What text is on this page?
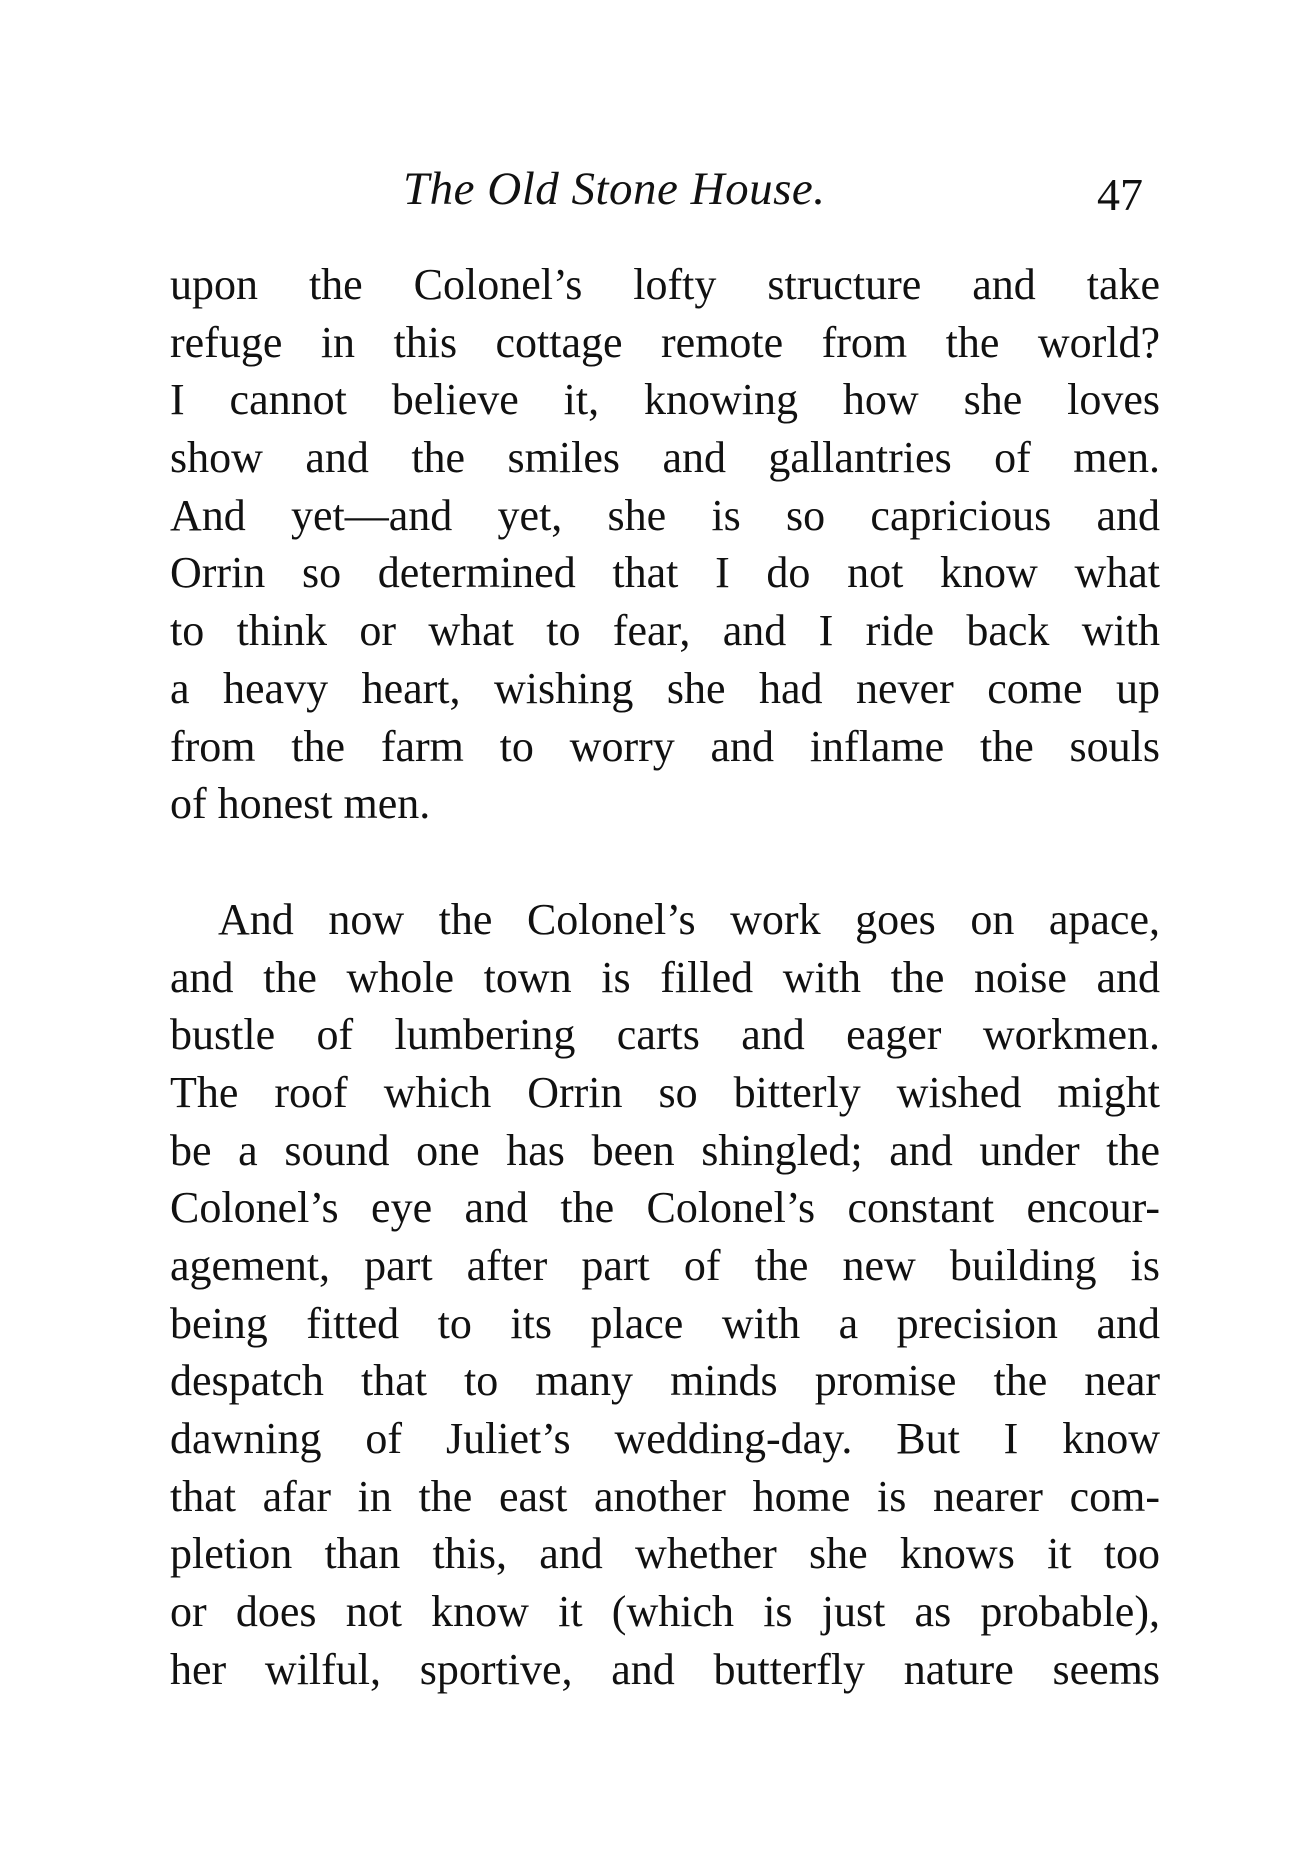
The Old Stone House.	47
upon the Colonel’s lofty structure and take
refuge in this cottage remote from the world?
I cannot believe it, knowing how she loves
show and the smiles and gallantries of men.
And yet—and yet, she is so capricious and
Orrin so determined that I do not know what
to think or what to fear, and I ride back with
a heavy heart, wishing she had never come up
from the farm to worry and inflame the souls
of honest men.
And now the Colonel’s work goes on apace,
and the whole town is filled with the noise and
bustle of lumbering carts and eager workmen.
The roof which Orrin so bitterly wished might
be a sound one has been shingled; and under the
Colonel’s eye and the Colonel’s constant encour-
agement, part after part of the new building is
being fitted to its place with a precision and
despatch that to many minds promise the near
dawning of Juliet’s wedding-day. But I know
that afar in the east another home is nearer com-
pletion than this, and whether she knows it too
or does not know it (which is just as probable),
her wilful, sportive, and butterfly nature seems
